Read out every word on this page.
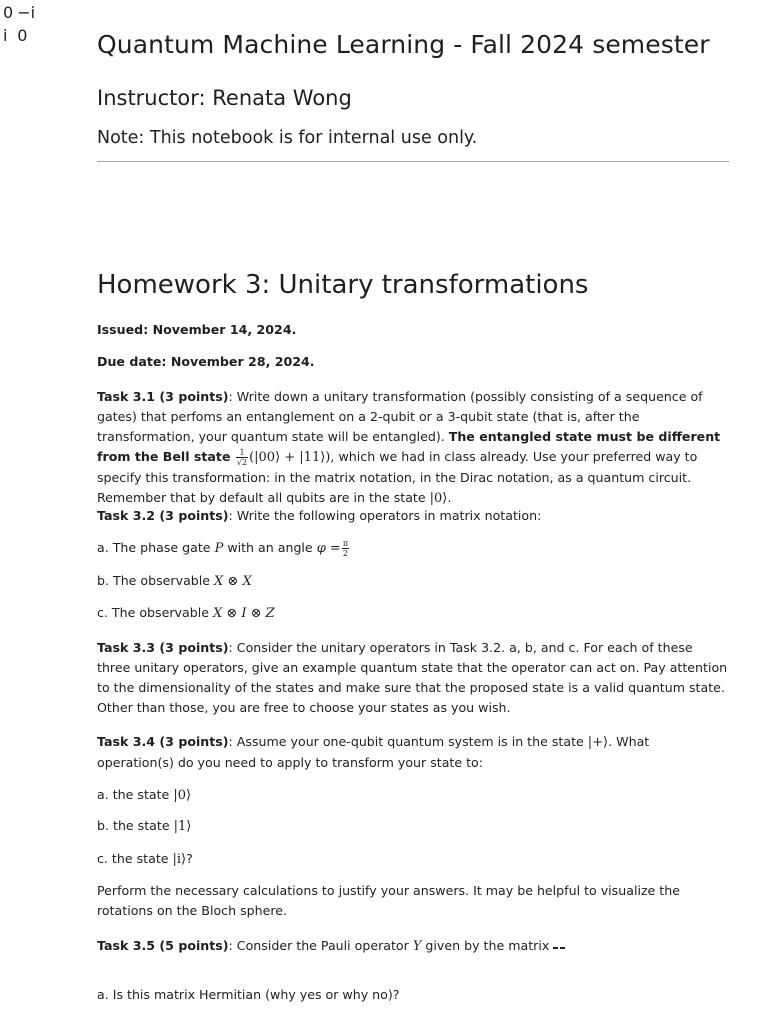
Quantum Machine Learning - Fall 2024 semester
Instructor: Renata Wong
Note: This notebook is for internal use only.
Homework 3: Unitary transformations

Issued: November 14, 2024.

Due date: November 28, 2024.

Task 3.1 (3 points): Write down a unitary transformation (possibly consisting of a sequence of gates) that perfoms an entanglement on a 2-qubit or a 3-qubit state (that is, after the transformation, your quantum state will be entangled). The entangled state must be different from the Bell state $\frac{1}{√2}$ (|00⟩ + |11⟩), which we had in class already. Use your preferred way to specify this transformation: in the matrix notation, in the Dirac notation, as a quantum circuit. Remember that by default all qubits are in the state |0⟩.

Task 3.2 (3 points): Write the following operators in matrix notation:

a. The phase gate P with an angle $\varphi = \frac{\pi}{2}$

b. The observable X ⊗ X

c. The observable X ⊗ I ⊗ Z

Task 3.3 (3 points): Consider the unitary operators in Task 3.2. a, b, and c. For each of these three unitary operators, give an example quantum state that the operator can act on. Pay attention to the dimensionality of the states and make sure that the proposed state is a valid quantum state. Other than those, you are free to choose your states as you wish.

Task 3.4 (3 points): Assume your one-qubit quantum system is in the state |+⟩. What operation(s) do you need to apply to transform your state to:

a. the state |0⟩

b. the state |1⟩

c. the state |i⟩?

Perform the necessary calculations to justify your answers. It may be helpful to visualize the rotations on the Bloch sphere.

Task 3.5 (5 points): Consider the Pauli operator Y given by the matrix

0	−i
i	0

a. Is this matrix Hermitian (why yes or why no)?
